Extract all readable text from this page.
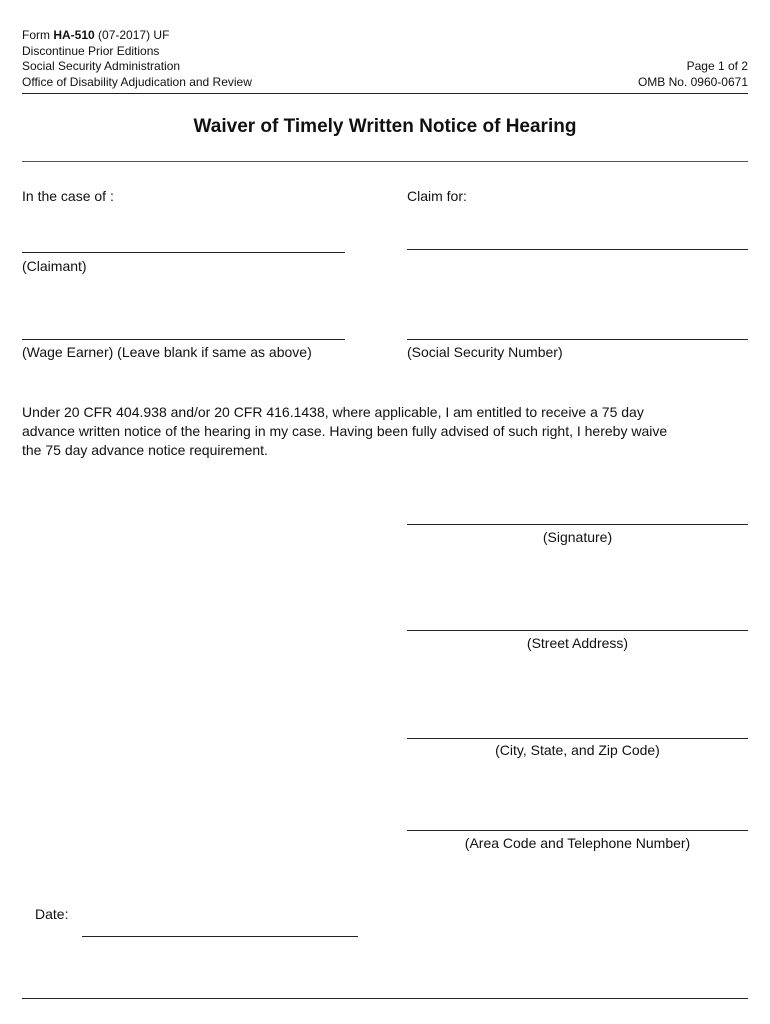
Form HA-510 (07-2017) UF
Discontinue Prior Editions
Social Security Administration
Office of Disability Adjudication and Review
Page 1 of 2
OMB No. 0960-0671
Waiver of Timely Written Notice of Hearing
In the case of :	Claim for:
(Claimant)
(Wage Earner) (Leave blank if same as above)	(Social Security Number)
Under 20 CFR 404.938 and/or 20 CFR 416.1438, where applicable, I am entitled to receive a 75 day
advance written notice of the hearing in my case. Having been fully advised of such right, I hereby waive
the 75 day advance notice requirement.
(Signature)
(Street Address)
(City, State, and Zip Code)
(Area Code and Telephone Number)
Date:
